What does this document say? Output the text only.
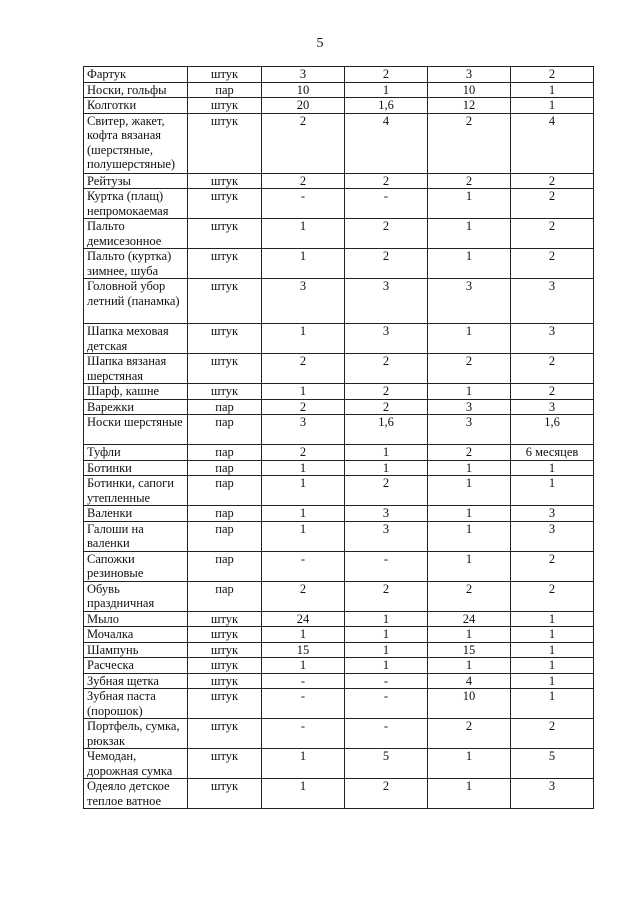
5
Фартук	штук	3	2	3	2
Носки, гольфы	пар	10	1	10	1
Колготки	штук	20	1,6	12	1
Свитер, жакет, кофта вязаная (шерстяные, полушерстяные)	штук	2	4	2	4
Рейтузы	штук	2	2	2	2
Куртка (плащ) непромокаемая	штук	-	-	1	2
Пальто демисезонное	штук	1	2	1	2
Пальто (куртка) зимнее, шуба	штук	1	2	1	2
Головной убор летний (панамка)	штук	3	3	3	3
Шапка меховая детская	штук	1	3	1	3
Шапка вязаная шерстяная	штук	2	2	2	2
Шарф, кашне	штук	1	2	1	2
Варежки	пар	2	2	3	3
Носки шерстяные	пар	3	1,6	3	1,6
Туфли	пар	2	1	2	6 месяцев
Ботинки	пар	1	1	1	1
Ботинки, сапоги утепленные	пар	1	2	1	1
Валенки	пар	1	3	1	3
Галоши на валенки	пар	1	3	1	3
Сапожки резиновые	пар	-	-	1	2
Обувь праздничная	пар	2	2	2	2
Мыло	штук	24	1	24	1
Мочалка	штук	1	1	1	1
Шампунь	штук	15	1	15	1
Расческа	штук	1	1	1	1
Зубная щетка	штук	-	-	4	1
Зубная паста (порошок)	штук	-	-	10	1
Портфель, сумка, рюкзак	штук	-	-	2	2
Чемодан, дорожная сумка	штук	1	5	1	5
Одеяло детское теплое ватное	штук	1	2	1	3
